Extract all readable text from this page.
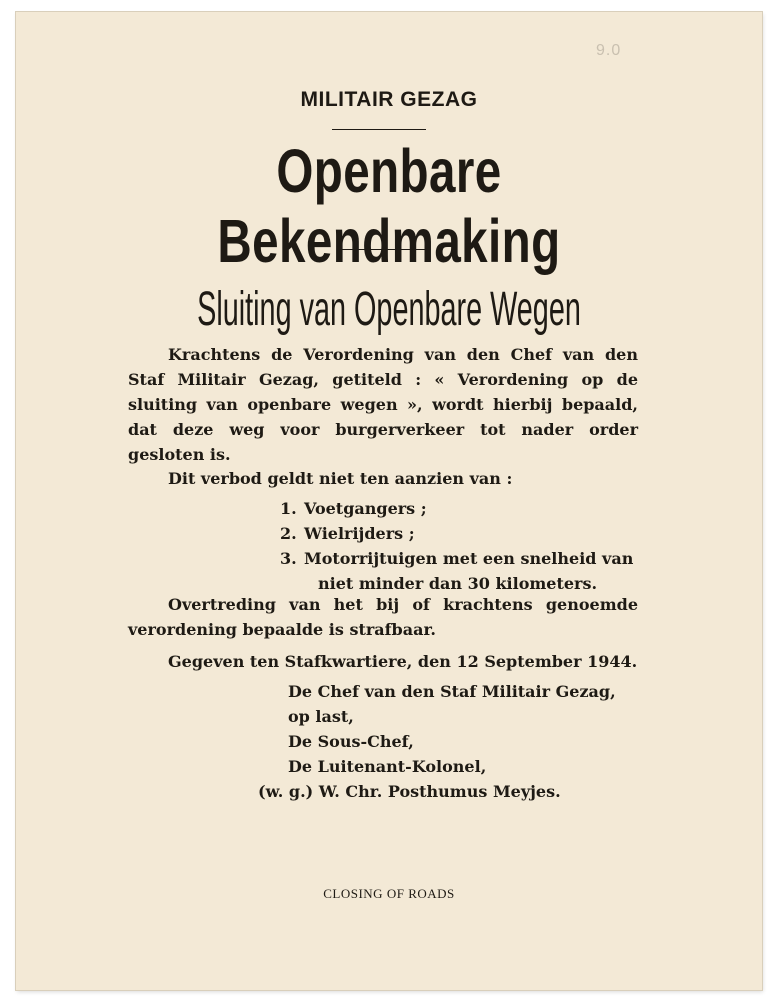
9.0
MILITAIR GEZAG
Openbare Bekendmaking
Sluiting van Openbare Wegen
Krachtens de Verordening van den Chef van den Staf Militair Gezag, getiteld : « Verordening op de sluiting van openbare wegen », wordt hierbij bepaald, dat deze weg voor burgerverkeer tot nader order gesloten is.
Dit verbod geldt niet ten aanzien van :
1. Voetgangers ;
2. Wielrijders ;
3. Motorrijtuigen met een snelheid van
niet minder dan 30 kilometers.
Overtreding van het bij of krachtens genoemde verordening bepaalde is strafbaar.
Gegeven ten Stafkwartiere, den 12 September 1944.
De Chef van den Staf Militair Gezag,
op last,
De Sous-Chef,
De Luitenant-Kolonel,
(w. g.) W. Chr. Posthumus Meyjes.
CLOSING OF ROADS
